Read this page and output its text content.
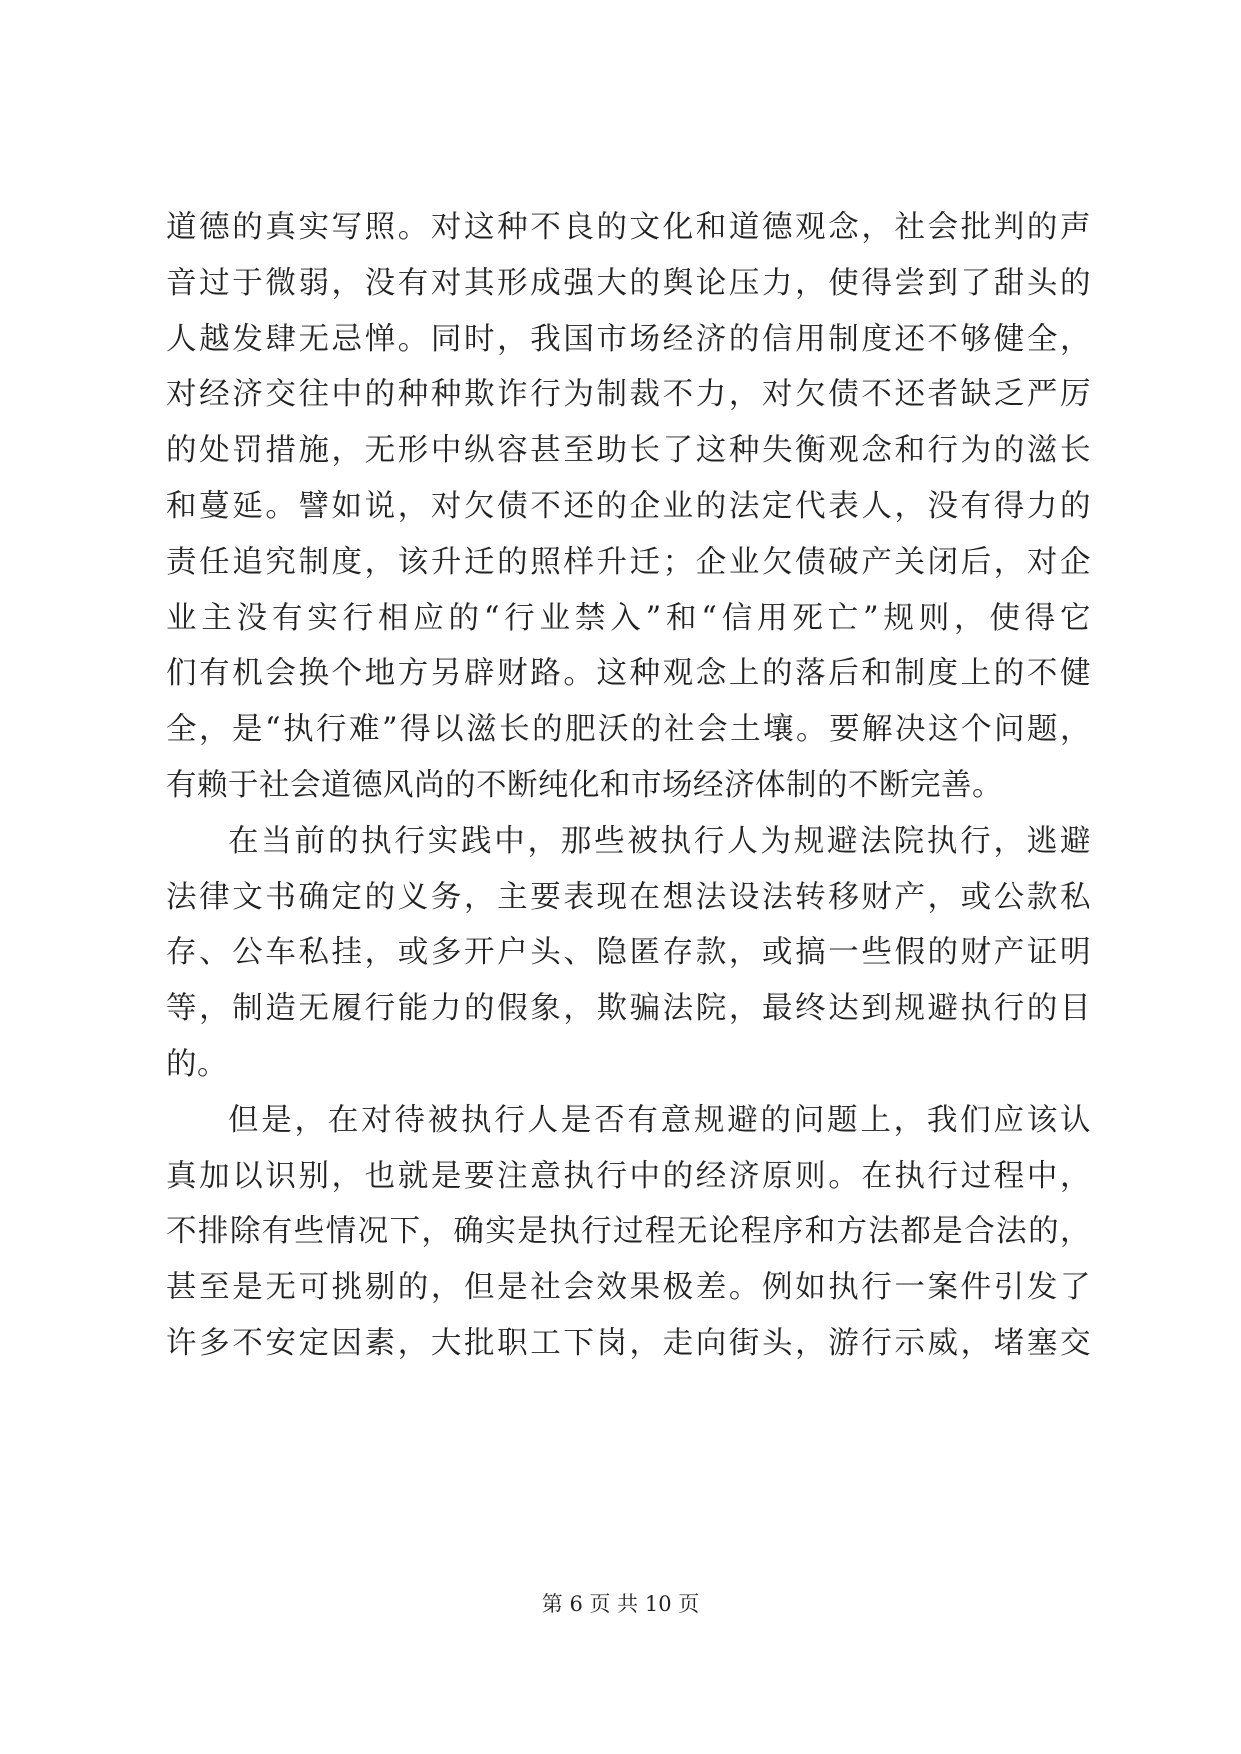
道德的真实写照。对这种不良的文化和道德观念，社会批判的声
音过于微弱，没有对其形成强大的舆论压力，使得尝到了甜头的
人越发肆无忌惮。同时，我国市场经济的信用制度还不够健全，
对经济交往中的种种欺诈行为制裁不力，对欠债不还者缺乏严厉
的处罚措施，无形中纵容甚至助长了这种失衡观念和行为的滋长
和蔓延。譬如说，对欠债不还的企业的法定代表人，没有得力的
责任追究制度，该升迁的照样升迁；企业欠债破产关闭后，对企
业主没有实行相应的“行业禁入”和“信用死亡”规则，使得它
们有机会换个地方另辟财路。这种观念上的落后和制度上的不健
全，是“执行难”得以滋长的肥沃的社会土壤。要解决这个问题，
有赖于社会道德风尚的不断纯化和市场经济体制的不断完善。

在当前的执行实践中，那些被执行人为规避法院执行，逃避
法律文书确定的义务，主要表现在想法设法转移财产，或公款私
存、公车私挂，或多开户头、隐匿存款，或搞一些假的财产证明
等，制造无履行能力的假象，欺骗法院，最终达到规避执行的目
的。

但是，在对待被执行人是否有意规避的问题上，我们应该认
真加以识别，也就是要注意执行中的经济原则。在执行过程中，
不排除有些情况下，确实是执行过程无论程序和方法都是合法的，
甚至是无可挑剔的，但是社会效果极差。例如执行一案件引发了
许多不安定因素，大批职工下岗，走向街头，游行示威，堵塞交

第 6 页 共 10 页
